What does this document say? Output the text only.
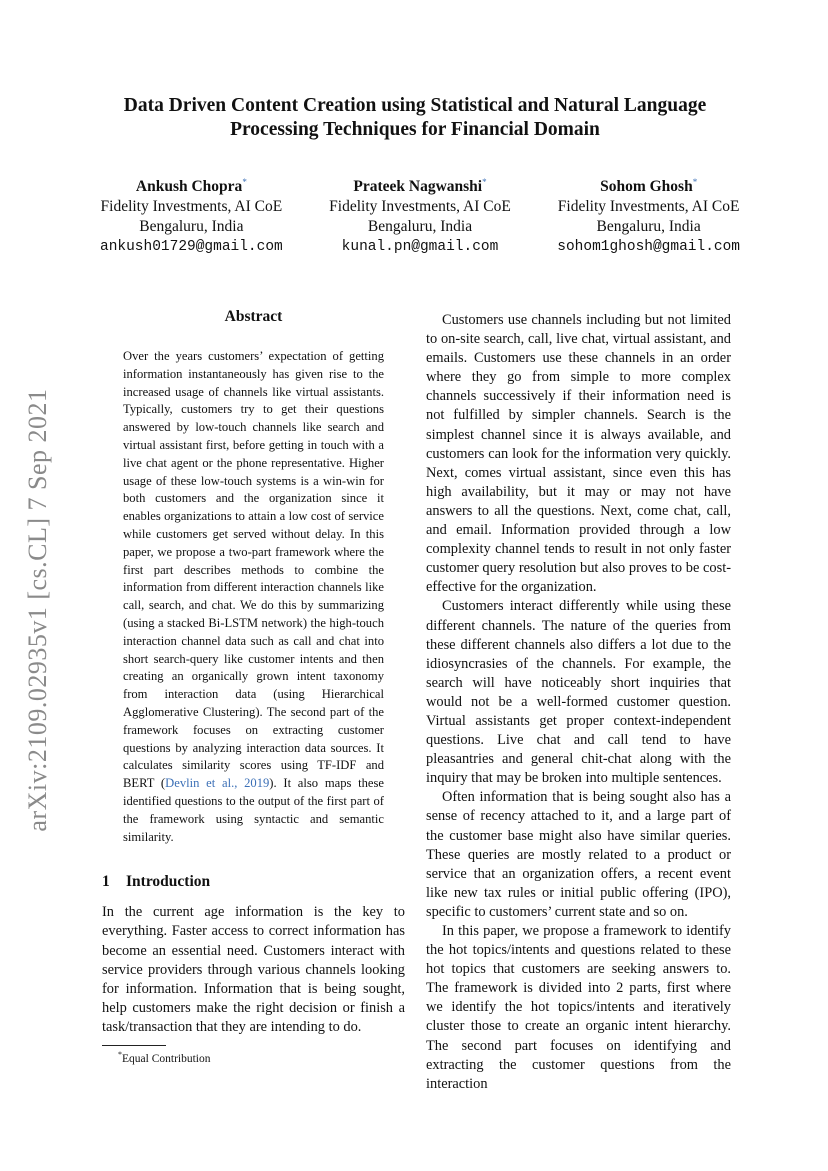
arXiv:2109.02935v1 [cs.CL] 7 Sep 2021
Data Driven Content Creation using Statistical and Natural Language Processing Techniques for Financial Domain
Ankush Chopra*
Fidelity Investments, AI CoE
Bengaluru, India
ankush01729@gmail.com
Prateek Nagwanshi*
Fidelity Investments, AI CoE
Bengaluru, India
kunal.pn@gmail.com
Sohom Ghosh*
Fidelity Investments, AI CoE
Bengaluru, India
sohom1ghosh@gmail.com
Abstract

Over the years customers’ expectation of getting information instantaneously has given rise to the increased usage of channels like virtual assistants. Typically, customers try to get their questions answered by low-touch channels like search and virtual assistant first, before getting in touch with a live chat agent or the phone representative. Higher usage of these low-touch systems is a win-win for both customers and the organization since it enables organizations to attain a low cost of service while customers get served without delay. In this paper, we propose a two-part framework where the first part describes methods to combine the information from different interaction channels like call, search, and chat. We do this by summarizing (using a stacked Bi-LSTM network) the high-touch interaction channel data such as call and chat into short search-query like customer intents and then creating an organically grown intent taxonomy from interaction data (using Hierarchical Agglomerative Clustering). The second part of the framework focuses on extracting customer questions by analyzing interaction data sources. It calculates similarity scores using TF-IDF and BERT (Devlin et al., 2019). It also maps these identified questions to the output of the first part of the framework using syntactic and semantic similarity.

1 Introduction

In the current age information is the key to everything. Faster access to correct information has become an essential need. Customers interact with service providers through various channels looking for information. Information that is being sought, help customers make the right decision or finish a task/transaction that they are intending to do.

Customers use channels including but not limited to on-site search, call, live chat, virtual assistant, and emails. Customers use these channels in an order where they go from simple to more complex channels successively if their information need is not fulfilled by simpler channels. Search is the simplest channel since it is always available, and customers can look for the information very quickly. Next, comes virtual assistant, since even this has high availability, but it may or may not have answers to all the questions. Next, come chat, call, and email. Information provided through a low complexity channel tends to result in not only faster customer query resolution but also proves to be cost-effective for the organization.

Customers interact differently while using these different channels. The nature of the queries from these different channels also differs a lot due to the idiosyncrasies of the channels. For example, the search will have noticeably short inquiries that would not be a well-formed customer question. Virtual assistants get proper context-independent questions. Live chat and call tend to have pleasantries and general chit-chat along with the inquiry that may be broken into multiple sentences.

Often information that is being sought also has a sense of recency attached to it, and a large part of the customer base might also have similar queries. These queries are mostly related to a product or service that an organization offers, a recent event like new tax rules or initial public offering (IPO), specific to customers’ current state and so on.

In this paper, we propose a framework to identify the hot topics/intents and questions related to these hot topics that customers are seeking answers to. The framework is divided into 2 parts, first where we identify the hot topics/intents and iteratively cluster those to create an organic intent hierarchy. The second part focuses on identifying and extracting the customer questions from the interaction

*Equal Contribution
